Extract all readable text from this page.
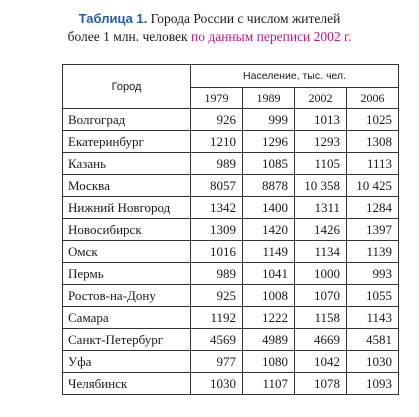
Таблица 1. Города России с числом жителей
более 1 млн. человек по данным переписи 2002 г.
Город	Население, тыс. чел.			
	1979	1989	2002	2006
Волгоград	926	999	1013	1025
Екатеринбург	1210	1296	1293	1308
Казань	989	1085	1105	1113
Москва	8057	8878	10 358	10 425
Нижний Новгород	1342	1400	1311	1284
Новосибирск	1309	1420	1426	1397
Омск	1016	1149	1134	1139
Пермь	989	1041	1000	993
Ростов-на-Дону	925	1008	1070	1055
Самара	1192	1222	1158	1143
Санкт-Петербург	4569	4989	4669	4581
Уфа	977	1080	1042	1030
Челябинск	1030	1107	1078	1093
